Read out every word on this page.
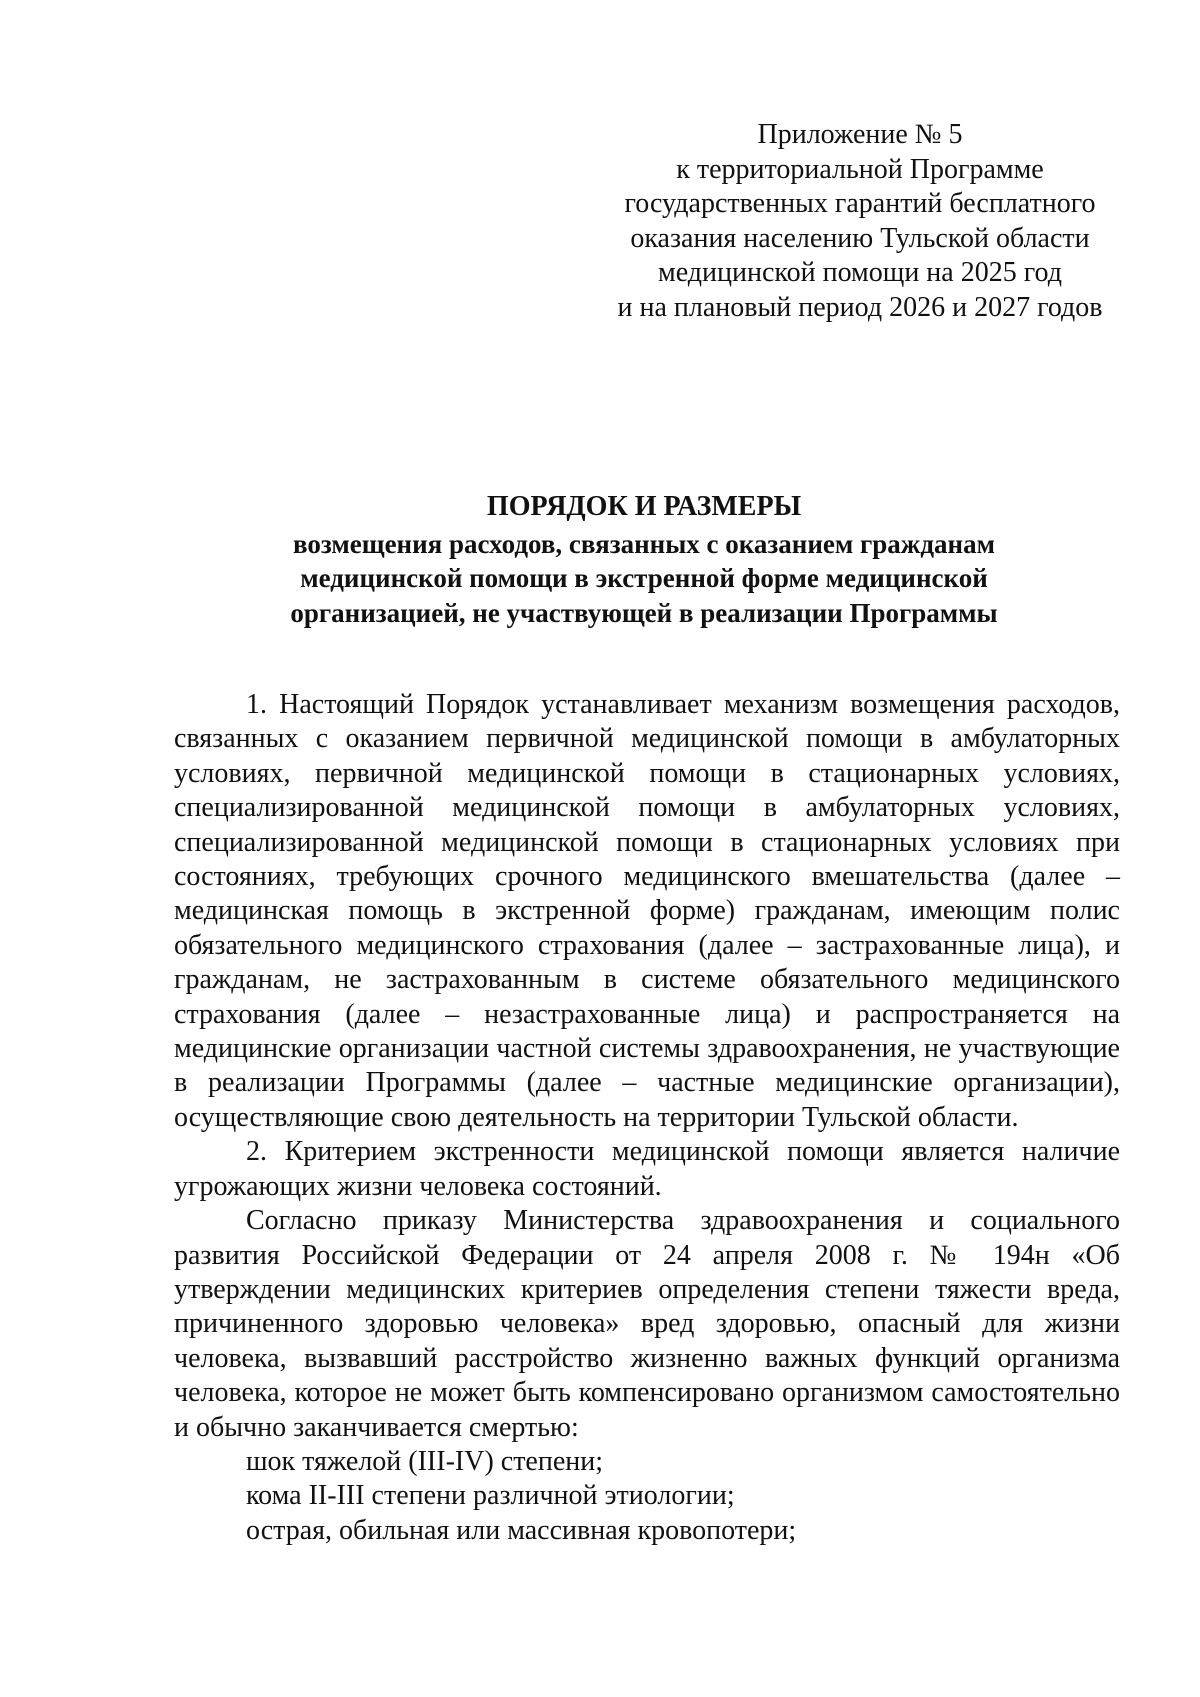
Приложение № 5
к территориальной Программе
государственных гарантий бесплатного
оказания населению Тульской области
медицинской помощи на 2025 год
и на плановый период 2026 и 2027 годов
ПОРЯДОК И РАЗМЕРЫ
возмещения расходов, связанных с оказанием гражданам
медицинской помощи в экстренной форме медицинской
организацией, не участвующей в реализации Программы

1. Настоящий Порядок устанавливает механизм возмещения расходов, связанных с оказанием первичной медицинской помощи в амбулаторных условиях, первичной медицинской помощи в стационарных условиях, специализированной медицинской помощи в амбулаторных условиях, специализированной медицинской помощи в стационарных условиях при состояниях, требующих срочного медицинского вмешательства (далее – медицинская помощь в экстренной форме) гражданам, имеющим полис обязательного медицинского страхования (далее – застрахованные лица), и гражданам, не застрахованным в системе обязательного медицинского страхования (далее – незастрахованные лица) и распространяется на медицинские организации частной системы здравоохранения, не участвующие в реализации Программы (далее – частные медицинские организации), осуществляющие свою деятельность на территории Тульской области.

2. Критерием экстренности медицинской помощи является наличие угрожающих жизни человека состояний.

Согласно приказу Министерства здравоохранения и социального развития Российской Федерации от 24 апреля 2008 г. № 194н «Об утверждении медицинских критериев определения степени тяжести вреда, причиненного здоровью человека» вред здоровью, опасный для жизни человека, вызвавший расстройство жизненно важных функций организма человека, которое не может быть компенсировано организмом самостоятельно и обычно заканчивается смертью:

шок тяжелой (III-IV) степени;

кома II-III степени различной этиологии;

острая, обильная или массивная кровопотери;
